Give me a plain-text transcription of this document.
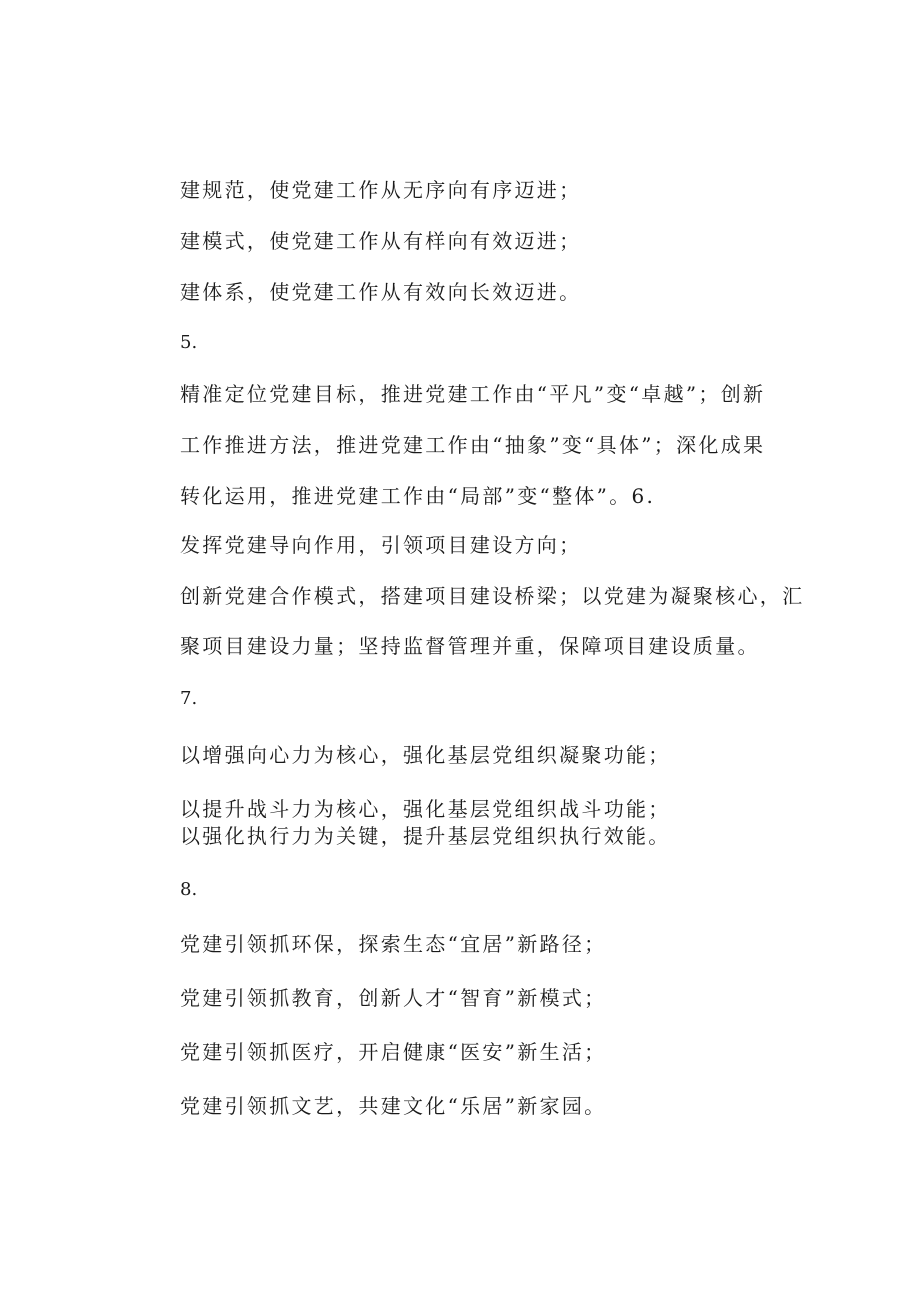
建规范，使党建工作从无序向有序迈进；

建模式，使党建工作从有样向有效迈进；

建体系，使党建工作从有效向长效迈进。

5.

精准定位党建目标，推进党建工作由“平凡”变“卓越”；创新

工作推进方法，推进党建工作由“抽象”变“具体”；深化成果

转化运用，推进党建工作由“局部”变“整体”。6.

发挥党建导向作用，引领项目建设方向；

创新党建合作模式，搭建项目建设桥梁；以党建为凝聚核心，汇

聚项目建设力量；坚持监督管理并重，保障项目建设质量。

7.

以增强向心力为核心，强化基层党组织凝聚功能；

以提升战斗力为核心，强化基层党组织战斗功能；

以强化执行力为关键，提升基层党组织执行效能。

8.

党建引领抓环保，探索生态“宜居”新路径；

党建引领抓教育，创新人才“智育”新模式；

党建引领抓医疗，开启健康“医安”新生活；

党建引领抓文艺，共建文化“乐居”新家园。
